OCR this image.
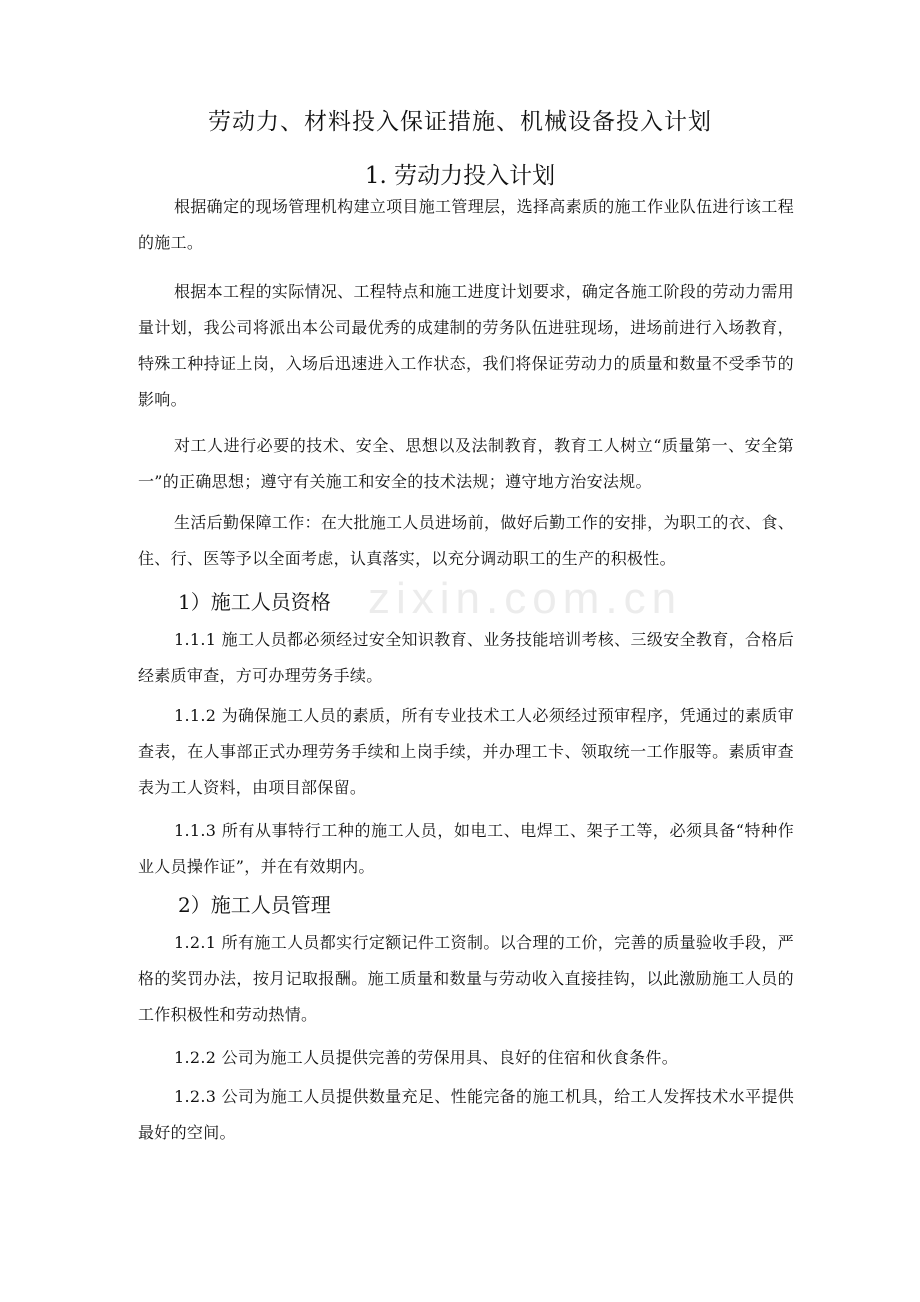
zixin.com.cn
劳动力、材料投入保证措施、机械设备投入计划
1. 劳动力投入计划

根据确定的现场管理机构建立项目施工管理层，选择高素质的施工作业队伍进行该工程的施工。

根据本工程的实际情况、工程特点和施工进度计划要求，确定各施工阶段的劳动力需用量计划，我公司将派出本公司最优秀的成建制的劳务队伍进驻现场，进场前进行入场教育，特殊工种持证上岗，入场后迅速进入工作状态，我们将保证劳动力的质量和数量不受季节的影响。

对工人进行必要的技术、安全、思想以及法制教育，教育工人树立“质量第一、安全第一”的正确思想；遵守有关施工和安全的技术法规；遵守地方治安法规。

生活后勤保障工作：在大批施工人员进场前，做好后勤工作的安排，为职工的衣、食、住、行、医等予以全面考虑，认真落实，以充分调动职工的生产的积极性。

1）施工人员资格

1.1.1 施工人员都必须经过安全知识教育、业务技能培训考核、三级安全教育，合格后经素质审查，方可办理劳务手续。

1.1.2 为确保施工人员的素质，所有专业技术工人必须经过预审程序，凭通过的素质审查表，在人事部正式办理劳务手续和上岗手续，并办理工卡、领取统一工作服等。素质审查表为工人资料，由项目部保留。

1.1.3 所有从事特行工种的施工人员，如电工、电焊工、架子工等，必须具备“特种作业人员操作证”，并在有效期内。

2）施工人员管理

1.2.1 所有施工人员都实行定额记件工资制。以合理的工价，完善的质量验收手段，严格的奖罚办法，按月记取报酬。施工质量和数量与劳动收入直接挂钩，以此激励施工人员的工作积极性和劳动热情。

1.2.2 公司为施工人员提供完善的劳保用具、良好的住宿和伙食条件。

1.2.3 公司为施工人员提供数量充足、性能完备的施工机具，给工人发挥技术水平提供最好的空间。
